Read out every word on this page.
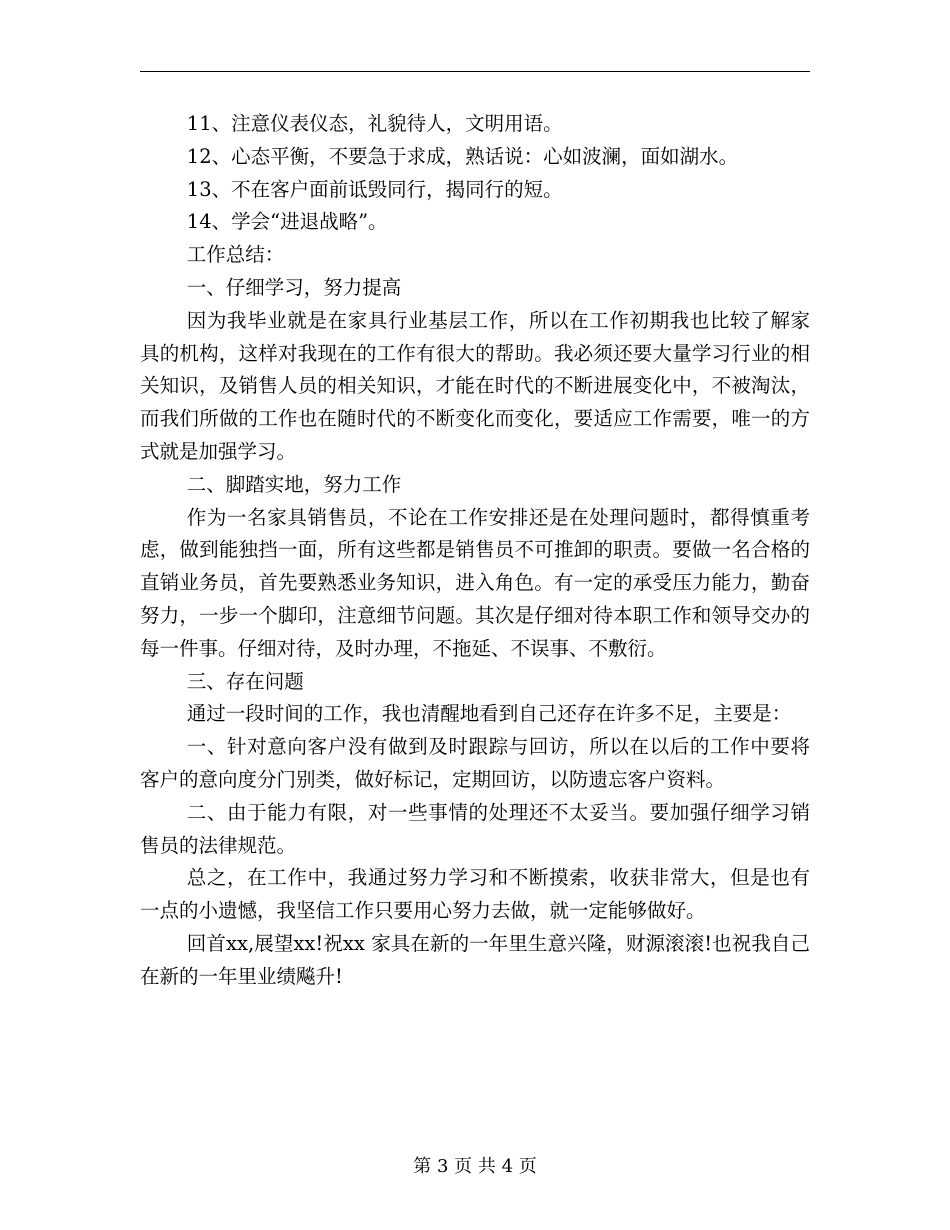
11、注意仪表仪态，礼貌待人，文明用语。

12、心态平衡，不要急于求成，熟话说：心如波澜，面如湖水。

13、不在客户面前诋毁同行，揭同行的短。

14、学会“进退战略”。

工作总结：

一、仔细学习，努力提高

因为我毕业就是在家具行业基层工作，所以在工作初期我也比较了解家具的机构，这样对我现在的工作有很大的帮助。我必须还要大量学习行业的相关知识，及销售人员的相关知识，才能在时代的不断进展变化中，不被淘汰，而我们所做的工作也在随时代的不断变化而变化，要适应工作需要，唯一的方式就是加强学习。

二、脚踏实地，努力工作

作为一名家具销售员，不论在工作安排还是在处理问题时，都得慎重考虑，做到能独挡一面，所有这些都是销售员不可推卸的职责。要做一名合格的直销业务员，首先要熟悉业务知识，进入角色。有一定的承受压力能力，勤奋努力，一步一个脚印，注意细节问题。其次是仔细对待本职工作和领导交办的每一件事。仔细对待，及时办理，不拖延、不误事、不敷衍。

三、存在问题

通过一段时间的工作，我也清醒地看到自己还存在许多不足，主要是：

一、针对意向客户没有做到及时跟踪与回访，所以在以后的工作中要将客户的意向度分门别类，做好标记，定期回访，以防遗忘客户资料。

二、由于能力有限，对一些事情的处理还不太妥当。要加强仔细学习销售员的法律规范。

总之，在工作中，我通过努力学习和不断摸索，收获非常大，但是也有一点的小遗憾，我坚信工作只要用心努力去做，就一定能够做好。

回首xx,展望xx!祝xx 家具在新的一年里生意兴隆，财源滚滚!也祝我自己在新的一年里业绩飚升!

第 3 页 共 4 页
